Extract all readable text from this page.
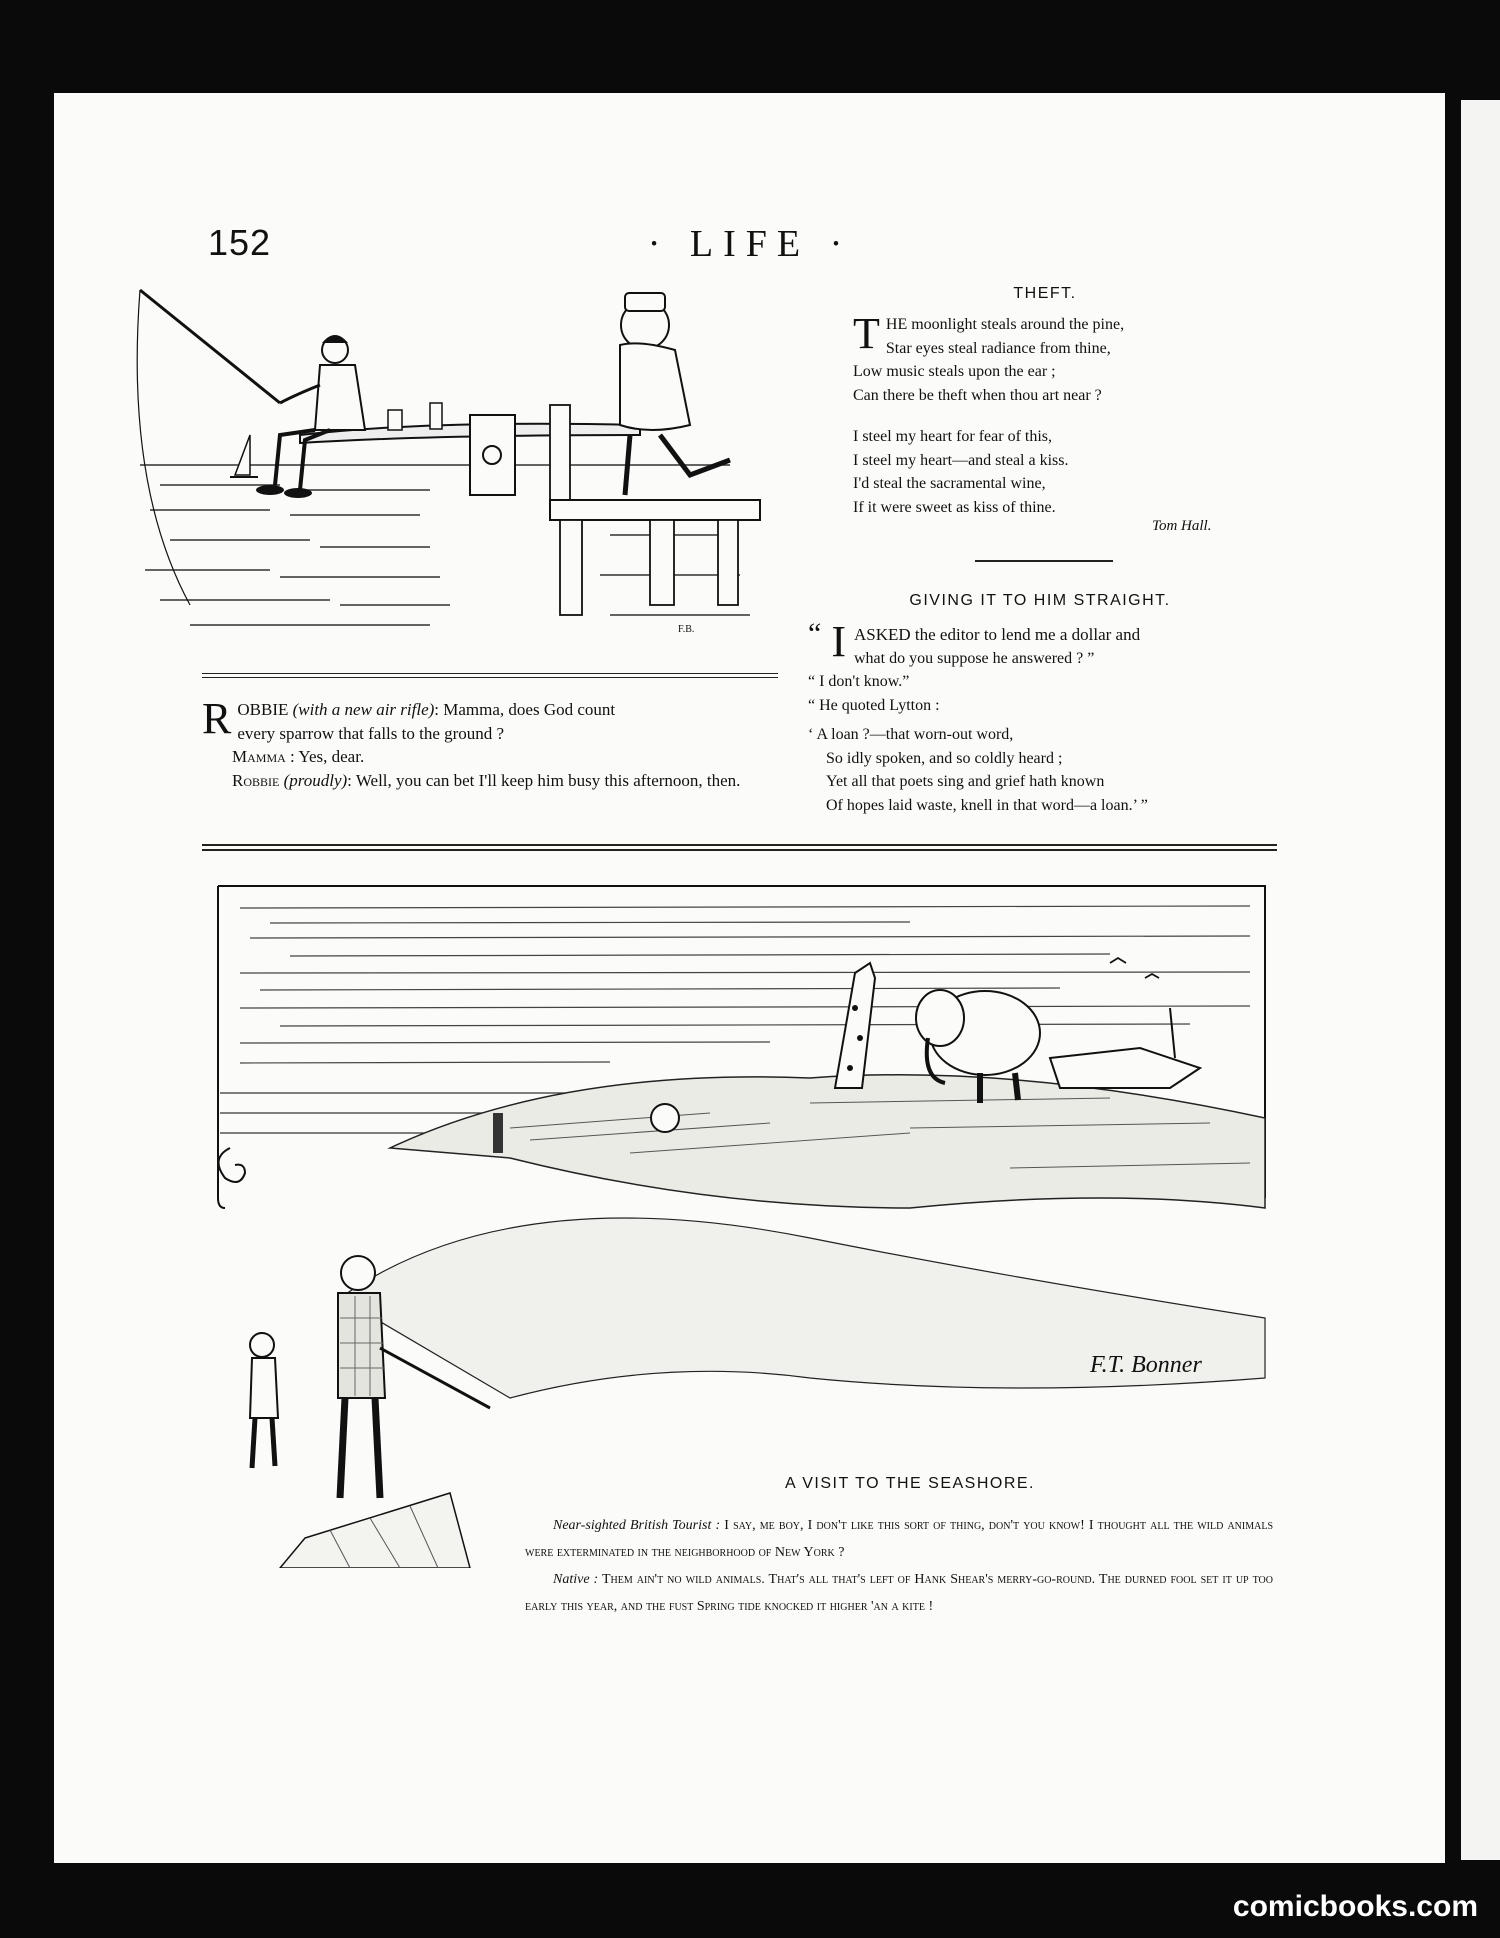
152	· LIFE ·
F.B.
THEFT.
T HE moonlight steals around the pine,
Star eyes steal radiance from thine,
Low music steals upon the ear ;
Can there be theft when thou art near ?
I steel my heart for fear of this,
I steel my heart—and steal a kiss.
I'd steal the sacramental wine,
If it were sweet as kiss of thine.
Tom Hall.
GIVING IT TO HIM STRAIGHT.
“ I ASKED the editor to lend me a dollar and
what do you suppose he answered ? ”
“ I don't know.”
“ He quoted Lytton :
‘ A loan ?—that worn-out word,
So idly spoken, and so coldly heard ;
Yet all that poets sing and grief hath known
Of hopes laid waste, knell in that word—a loan.’ ”

R OBBIE (with a new air rifle): Mamma, does God count
every sparrow that falls to the ground ?

Mamma : Yes, dear.

Robbie (proudly): Well, you can bet I'll keep him busy this afternoon, then.

F.T. Bonner
A VISIT TO THE SEASHORE.

Near-sighted British Tourist : I say, me boy, I don't like this sort of thing, don't you know! I thought all the wild animals were exterminated in the neighborhood of New York ?

Native : Them ain't no wild animals. That's all that's left of Hank Shear's merry-go-round. The durned fool set it up too early this year, and the fust Spring tide knocked it higher 'an a kite !

comicbooks.com
